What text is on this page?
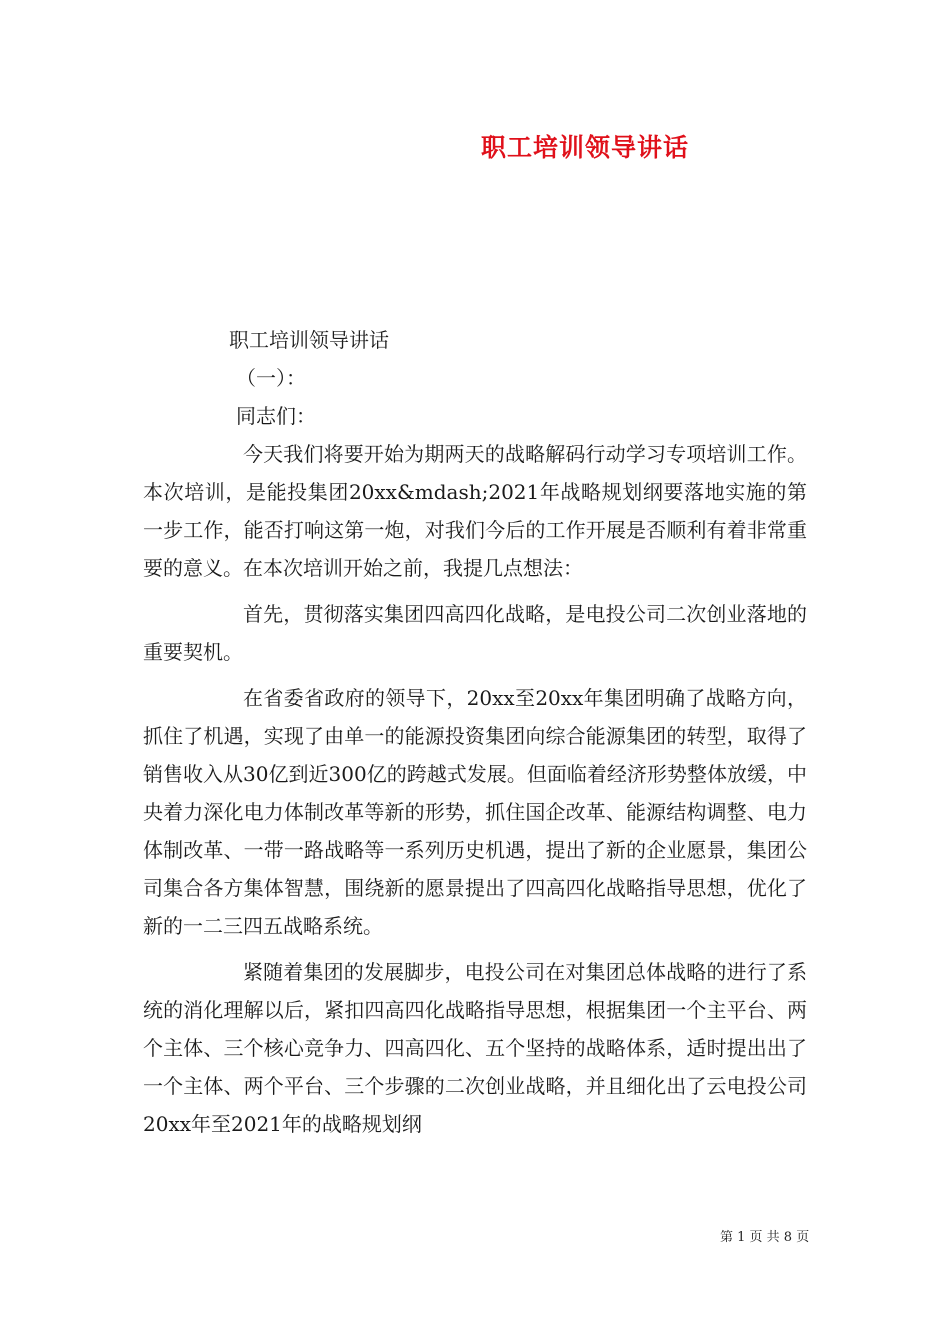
职工培训领导讲话

职工培训领导讲话

（一）：

同志们：

今天我们将要开始为期两天的战略解码行动学习专项培训工作。本次培训，是能投集团20xx&mdash;2021年战略规划纲要落地实施的第一步工作，能否打响这第一炮，对我们今后的工作开展是否顺利有着非常重要的意义。在本次培训开始之前，我提几点想法：

首先，贯彻落实集团四高四化战略，是电投公司二次创业落地的重要契机。

在省委省政府的领导下，20xx至20xx年集团明确了战略方向，抓住了机遇，实现了由单一的能源投资集团向综合能源集团的转型，取得了销售收入从30亿到近300亿的跨越式发展。但面临着经济形势整体放缓，中央着力深化电力体制改革等新的形势，抓住国企改革、能源结构调整、电力体制改革、一带一路战略等一系列历史机遇，提出了新的企业愿景，集团公司集合各方集体智慧，围绕新的愿景提出了四高四化战略指导思想，优化了新的一二三四五战略系统。

紧随着集团的发展脚步，电投公司在对集团总体战略的进行了系统的消化理解以后，紧扣四高四化战略指导思想，根据集团一个主平台、两个主体、三个核心竞争力、四高四化、五个坚持的战略体系，适时提出出了一个主体、两个平台、三个步骤的二次创业战略，并且细化出了云电投公司20xx年至2021年的战略规划纲

第 1 页 共 8 页
